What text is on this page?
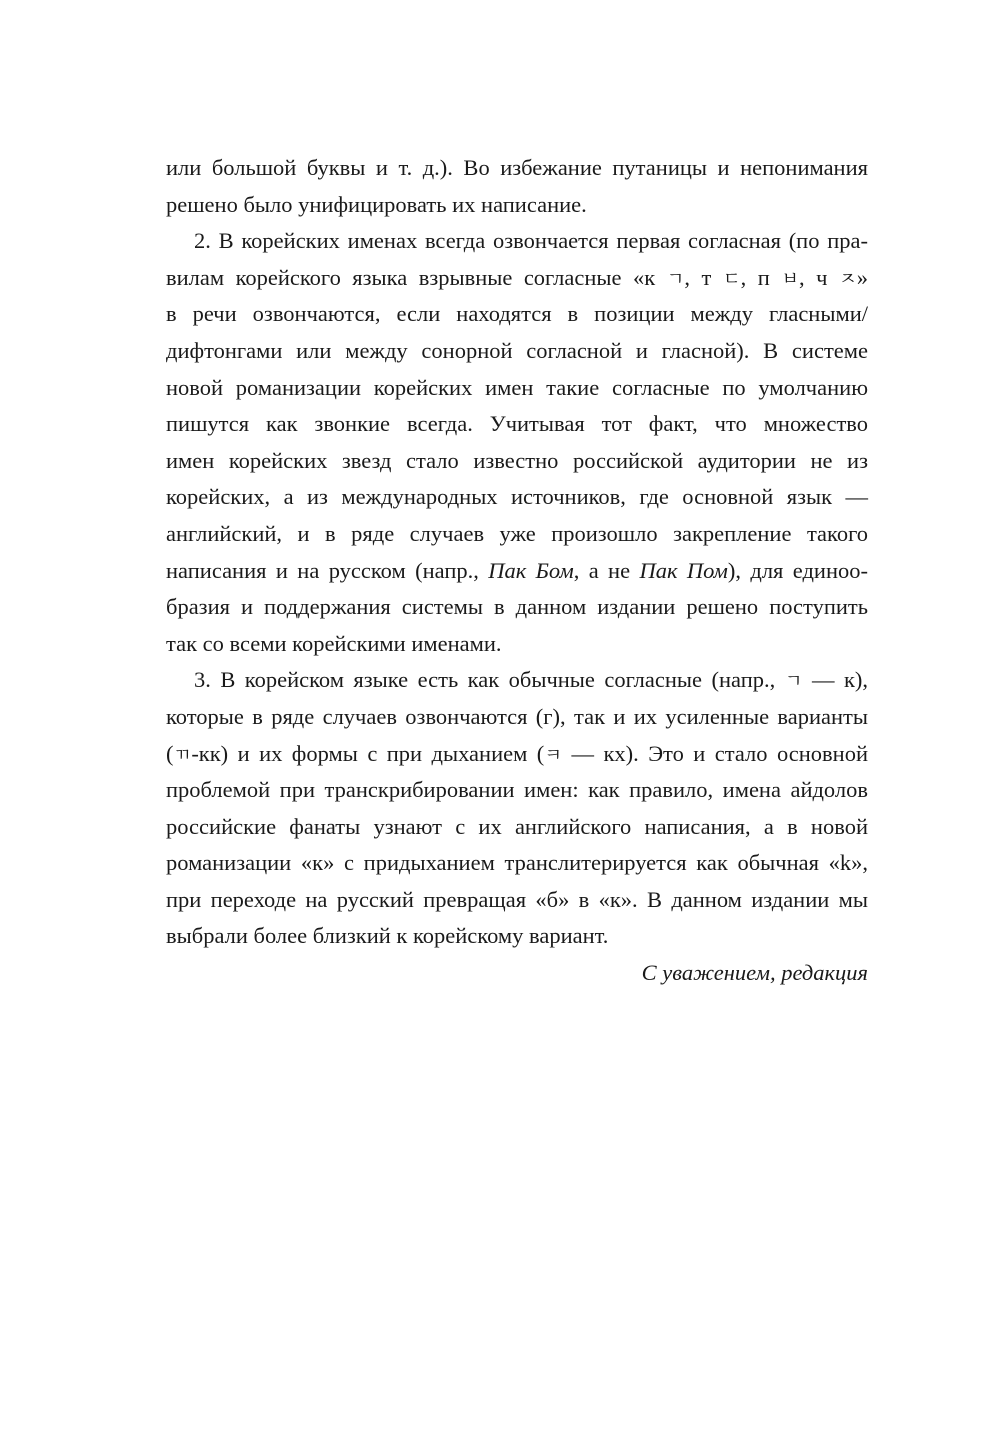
или большой буквы и т. д.). Во избежание путаницы и непонимания
решено было унифицировать их написание.
2. В корейских именах всегда озвончается первая согласная (по пра-
вилам корейского языка взрывные согласные «к ㄱ, т ㄷ, п ㅂ, ч ㅈ»
в речи озвончаются, если находятся в позиции между гласными/
дифтонгами или между сонорной согласной и гласной). В системе
новой романизации корейских имен такие согласные по умолчанию
пишутся как звонкие всегда. Учитывая тот факт, что множество
имен корейских звезд стало известно российской аудитории не из
корейских, а из международных источников, где основной язык —
английский, и в ряде случаев уже произошло закрепление такого
написания и на русском (напр., Пак Бом, а не Пак Пом), для единоо-
бразия и поддержания системы в данном издании решено поступить
так со всеми корейскими именами.
3. В корейском языке есть как обычные согласные (напр., ㄱ — к),
которые в ряде случаев озвончаются (г), так и их усиленные варианты
(ㄲ-кк) и их формы с при дыханием (ㅋ — кх). Это и стало основной
проблемой при транскрибировании имен: как правило, имена айдолов
российские фанаты узнают с их английского написания, а в новой
романизации «к» с придыханием транслитерируется как обычная «k»,
при переходе на русский превращая «б» в «к». В данном издании мы
выбрали более близкий к корейскому вариант.
С уважением, редакция
